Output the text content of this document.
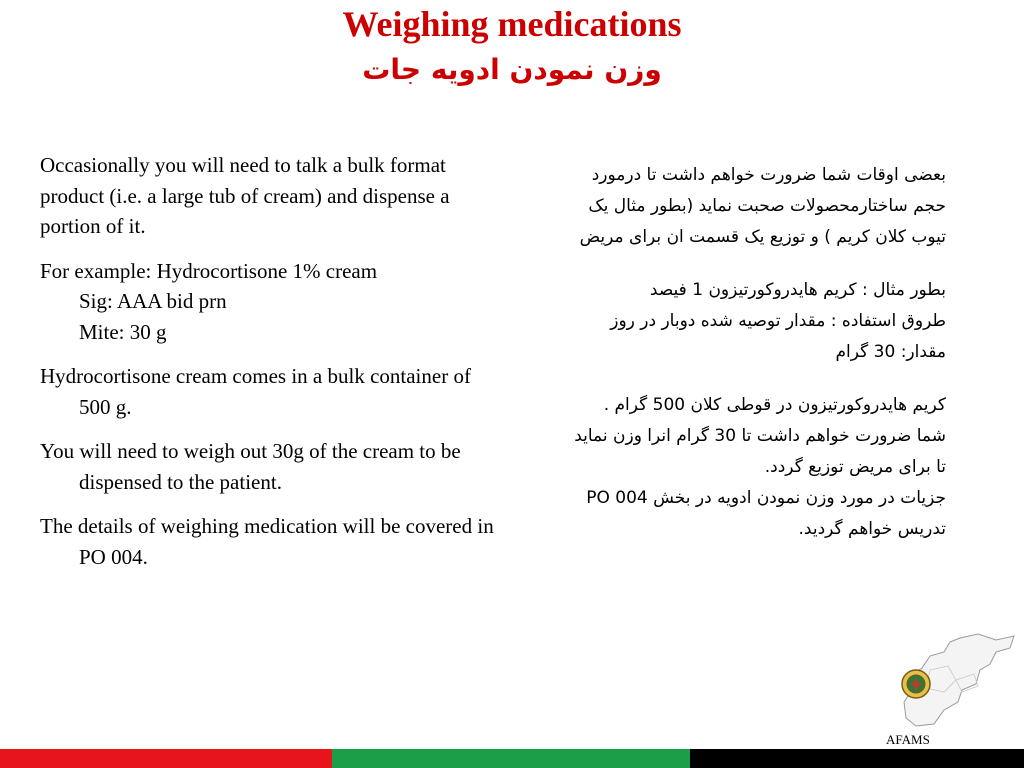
Weighing medications
وزن نمودن ادویه جات

Occasionally you will need to talk a bulk format product (i.e. a large tub of cream) and dispense a portion of it.

For example: Hydrocortisone 1% cream

Sig: AAA bid prn

Mite: 30 g

Hydrocortisone cream comes in a bulk container of 500 g.

You will need to weigh out 30g of the cream to be dispensed to the patient.

The details of weighing medication will be covered in PO 004.

بعضی اوقات شما ضرورت خواهم داشت تا درمورد حجم ساختارمحصولات صحبت نماید (بطور مثال یک تیوب کلان کریم ) و توزیع یک قسمت ان برای مریض

بطور مثال : کریم هایدروکورتیزون 1 فیصد

طروق استفاده : مقدار توصیه شده دوبار در روز

مقدار: 30 گرام

کریم هایدروکورتیزون در قوطی کلان 500 گرام .

شما ضرورت خواهم داشت تا 30 گرام انرا وزن نماید تا برای مریض توزیع گردد.

جزیات در مورد وزن نمودن ادویه در بخش PO 004 تدریس خواهم گردید.

AFAMS
